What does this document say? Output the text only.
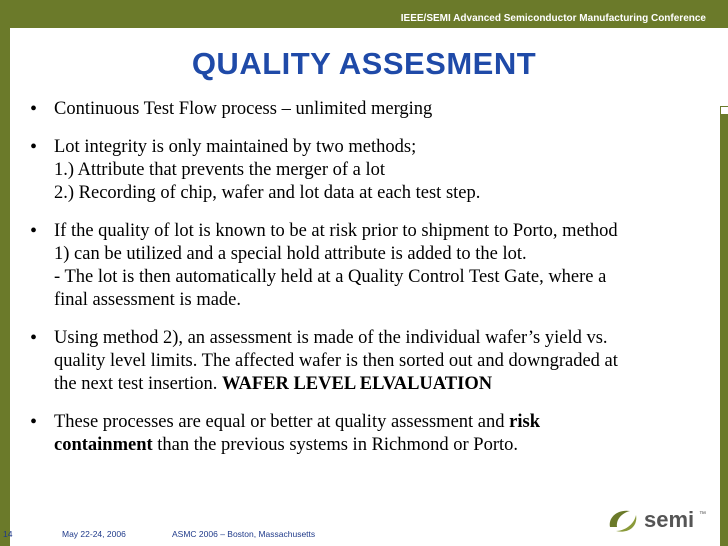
IEEE/SEMI Advanced Semiconductor Manufacturing Conference
QUALITY ASSESMENT
• Continuous Test Flow process – unlimited merging
• Lot integrity is only maintained by two methods;
1.) Attribute that prevents the merger of a lot
2.) Recording of chip, wafer and lot data at each test step.
• If the quality of lot is known to be at risk prior to shipment to Porto, method
1) can be utilized and a special hold attribute is added to the lot.
- The lot is then automatically held at a Quality Control Test Gate, where a
final assessment is made.
• Using method 2), an assessment is made of the individual wafer’s yield vs.
quality level limits. The affected wafer is then sorted out and downgraded at
the next test insertion. WAFER LEVEL ELVALUATION
• These processes are equal or better at quality assessment and risk
containment than the previous systems in Richmond or Porto.
14	May 22-24, 2006	ASMC 2006 – Boston, Massachusetts
semi ™
